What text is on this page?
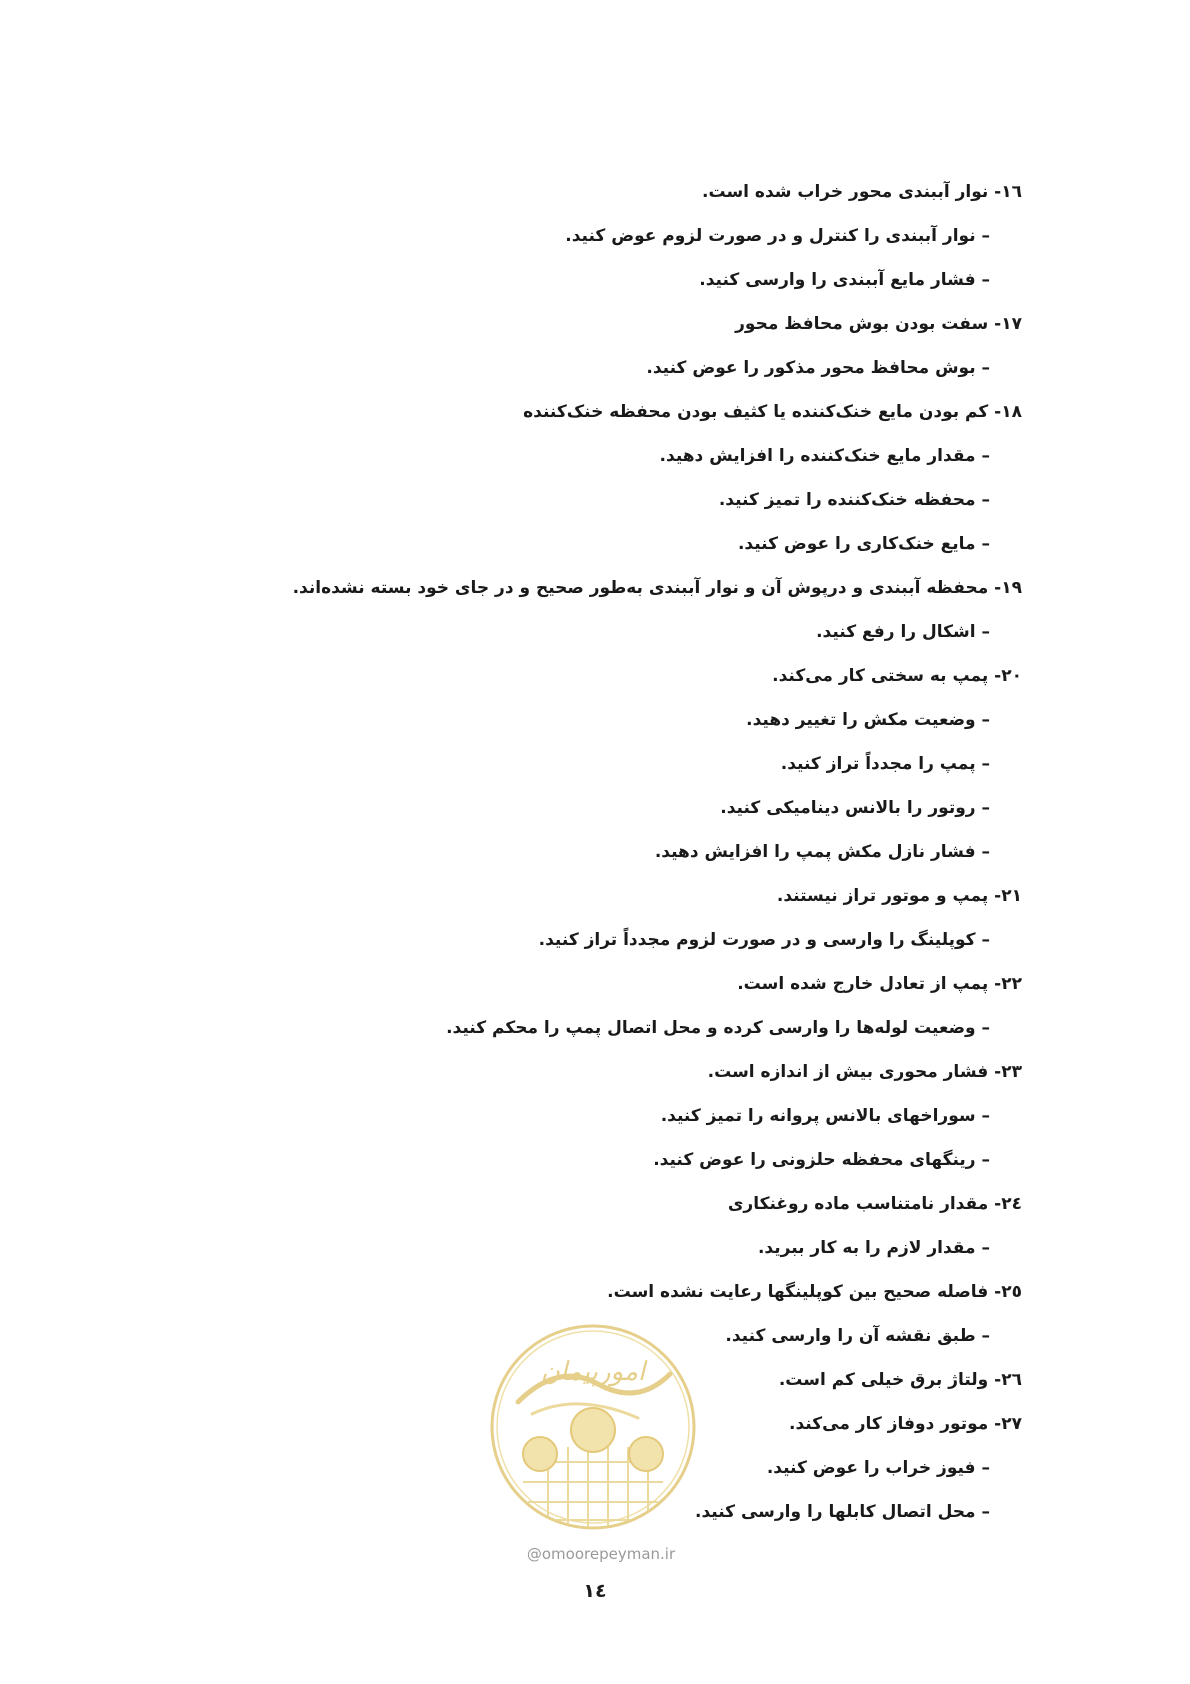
١٦- نوار آببندی محور خراب شده است.
– نوار آببندی را کنترل و در صورت لزوم عوض کنید.
– فشار مایع آببندی را وارسی کنید.
١٧- سفت بودن بوش محافظ محور
– بوش محافظ محور مذکور را عوض کنید.
١٨- کم بودن مایع خنک‌کننده یا کثیف بودن محفظه خنک‌کننده
– مقدار مایع خنک‌کننده را افزایش دهید.
– محفظه خنک‌کننده را تمیز کنید.
– مایع خنک‌کاری را عوض کنید.
١٩- محفظه آببندی و درپوش آن و نوار آببندی به‌طور صحیح و در جای خود بسته نشده‌اند.
– اشکال را رفع کنید.
٢٠- پمپ به سختی کار می‌کند.
– وضعیت مکش را تغییر دهید.
– پمپ را مجدداً تراز کنید.
– روتور را بالانس دینامیکی کنید.
– فشار نازل مکش پمپ را افزایش دهید.
٢١- پمپ و موتور تراز نیستند.
– کوپلینگ را وارسی و در صورت لزوم مجدداً تراز کنید.
٢٢- پمپ از تعادل خارج شده است.
– وضعیت لوله‌ها را وارسی کرده و محل اتصال پمپ را محکم کنید.
٢٣- فشار محوری بیش از اندازه است.
– سوراخهای بالانس پروانه را تمیز کنید.
– رینگهای محفظه حلزونی را عوض کنید.
٢٤- مقدار نامتناسب ماده روغنکاری
– مقدار لازم را به کار ببرید.
٢٥- فاصله صحیح بین کوپلینگها رعایت نشده است.
– طبق نقشه آن را وارسی کنید.
٢٦- ولتاژ برق خیلی کم است.
٢٧- موتور دوفاز کار می‌کند.
– فیوز خراب را عوض کنید.
– محل اتصال کابلها را وارسی کنید.
امورپیمان
@omoorepeyman.ir
١٤
